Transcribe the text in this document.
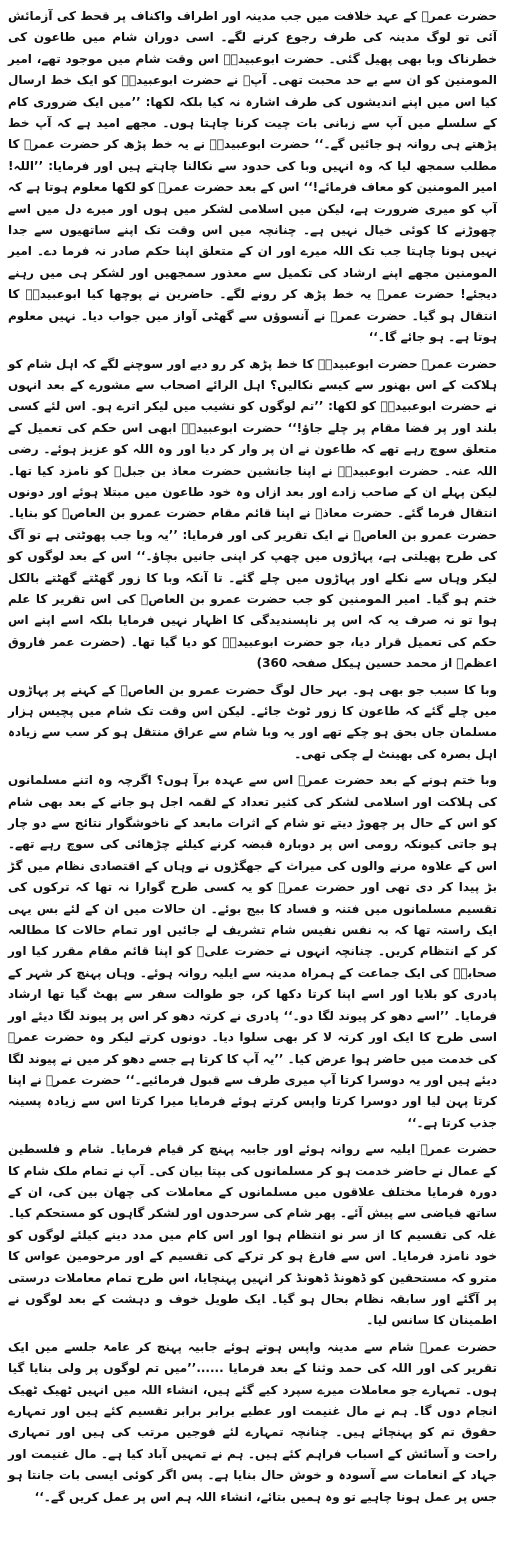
حضرت عمرؓ کے عہد خلافت میں جب مدینہ اور اطراف واکناف پر قحط کی آزمائش آئی تو لوگ مدینہ کی طرف رجوع کرنے لگے۔ اسی دوران شام میں طاعون کی خطرناک وبا بھی پھیل گئی۔ حضرت ابوعبیدہؓ اس وقت شام میں موجود تھے، امیر المومنین کو ان سے بے حد محبت تھی۔ آپؓ نے حضرت ابوعبیدہؓ کو ایک خط ارسال کیا اس میں اپنے اندیشوں کی طرف اشارہ نہ کیا بلکہ لکھا: ’’میں ایک ضروری کام کے سلسلے میں آپ سے زبانی بات چیت کرنا چاہتا ہوں۔ مجھے امید ہے کہ آپ خط پڑھتے ہی روانہ ہو جائیں گے۔‘‘ حضرت ابوعبیدہؓ نے یہ خط پڑھ کر حضرت عمرؓ کا مطلب سمجھ لیا کہ وہ انہیں وبا کی حدود سے نکالنا چاہتے ہیں اور فرمایا: ’’اللہ! امیر المومنین کو معاف فرمائے!‘‘ اس کے بعد حضرت عمرؓ کو لکھا معلوم ہوتا ہے کہ آپ کو میری ضرورت ہے، لیکن میں اسلامی لشکر میں ہوں اور میرے دل میں اسے چھوڑنے کا کوئی خیال نہیں ہے۔ چنانچہ میں اس وقت تک اپنے ساتھیوں سے جدا نہیں ہونا چاہتا جب تک اللہ میرے اور ان کے متعلق اپنا حکم صادر نہ فرما دے۔ امیر المومنین مجھے اپنے ارشاد کی تکمیل سے معذور سمجھیں اور لشکر ہی میں رہنے دیجئے! حضرت عمرؓ یہ خط پڑھ کر رونے لگے۔ حاضرین نے پوچھا کیا ابوعبیدہؓ کا انتقال ہو گیا۔ حضرت عمرؓ نے آنسوؤں سے گھٹی آواز میں جواب دیا۔ نہیں معلوم ہوتا ہے۔ ہو جائے گا۔‘‘

حضرت عمرؓ حضرت ابوعبیدہؓ کا خط پڑھ کر رو دیے اور سوچنے لگے کہ اہل شام کو ہلاکت کے اس بھنور سے کیسے نکالیں؟ اہل الرائے اصحاب سے مشورے کے بعد انہوں نے حضرت ابوعبیدہؓ کو لکھا: ’’تم لوگوں کو نشیب میں لیکر اترے ہو۔ اس لئے کسی بلند اور پر فضا مقام پر چلے جاؤ!‘‘ حضرت ابوعبیدہؓ ابھی اس حکم کی تعمیل کے متعلق سوچ رہے تھے کہ طاعون نے ان پر وار کر دیا اور وہ اللہ کو عزیز ہوئے۔ رضی اللہ عنہ۔ حضرت ابوعبیدہؓ نے اپنا جانشین حضرت معاذ بن جبلؓ کو نامزد کیا تھا۔ لیکن پہلے ان کے صاحب زادے اور بعد ازاں وہ خود طاعون میں مبتلا ہوئے اور دونوں انتقال فرما گئے۔ حضرت معاذؓ نے اپنا قائم مقام حضرت عمرو بن العاصؓ کو بنایا۔ حضرت عمرو بن العاصؓ نے ایک تقریر کی اور فرمایا: ’’یہ وبا جب پھوٹتی ہے تو آگ کی طرح پھیلتی ہے، پہاڑوں میں چھپ کر اپنی جانیں بچاؤ۔‘‘ اس کے بعد لوگوں کو لیکر وہاں سے نکلے اور پہاڑوں میں چلے گئے۔ تا آنکہ وبا کا زور گھٹتے گھٹتے بالکل ختم ہو گیا۔ امیر المومنین کو جب حضرت عمرو بن العاصؓ کی اس تقریر کا علم ہوا تو نہ صرف یہ کہ اس پر ناپسندیدگی کا اظہار نہیں فرمایا بلکہ اسے اپنے اس حکم کی تعمیل قرار دیا، جو حضرت ابوعبیدہؓ کو دیا گیا تھا۔ (حضرت عمر فاروق اعظمؓ از محمد حسین ہیکل صفحہ 360)

وبا کا سبب جو بھی ہو۔ بہر حال لوگ حضرت عمرو بن العاصؓ کے کہنے پر پہاڑوں میں چلے گئے کہ طاعون کا زور ٹوٹ جائے۔ لیکن اس وقت تک شام میں پچیس ہزار مسلمان جاں بحق ہو چکے تھے اور یہ وبا شام سے عراق منتقل ہو کر سب سے زیادہ اہل بصرہ کی بھینٹ لے چکی تھی۔

وبا ختم ہونے کے بعد حضرت عمرؓ اس سے عہدہ برآ ہوں؟ اگرچہ وہ اتنے مسلمانوں کی ہلاکت اور اسلامی لشکر کی کثیر تعداد کے لقمہ اجل ہو جانے کے بعد بھی شام کو اس کے حال پر چھوڑ دیتے تو شام کے اثرات مابعد کے ناخوشگوار نتائج سے دو چار ہو جاتی کیونکہ رومی اس پر دوبارہ قبضہ کرنے کیلئے چڑھائی کی سوچ رہے تھے۔ اس کے علاوہ مرنے والوں کی میراث کے جھگڑوں نے وہاں کے اقتصادی نظام میں گڑ بڑ پیدا کر دی تھی اور حضرت عمرؓ کو یہ کسی طرح گوارا نہ تھا کہ ترکوں کی تقسیم مسلمانوں میں فتنہ و فساد کا بیج بوئے۔ ان حالات میں ان کے لئے بس یہی ایک راستہ تھا کہ بہ نفس نفیس شام تشریف لے جائیں اور تمام حالات کا مطالعہ کر کے انتظام کریں۔ چنانچہ انہوں نے حضرت علیؓ کو اپنا قائم مقام مقرر کیا اور صحابہؓ کی ایک جماعت کے ہمراہ مدینہ سے ایلیہ روانہ ہوئے۔ وہاں پہنچ کر شہر کے پادری کو بلایا اور اسے اپنا کرتا دکھا کر، جو طوالت سفر سے پھٹ گیا تھا ارشاد فرمایا۔ ’’اسے دھو کر پیوند لگا دو۔‘‘ پادری نے کرتہ دھو کر اس پر پیوند لگا دیئے اور اسی طرح کا ایک اور کرتہ لا کر بھی سلوا دیا۔ دونوں کرتے لیکر وہ حضرت عمرؓ کی خدمت میں حاضر ہوا عرض کیا۔ ’’یہ آپ کا کرتا ہے جسے دھو کر میں نے پیوند لگا دیئے ہیں اور یہ دوسرا کرتا آپ میری طرف سے قبول فرمائیے۔‘‘ حضرت عمرؓ نے اپنا کرتا پہن لیا اور دوسرا کرتا واپس کرتے ہوئے فرمایا میرا کرتا اس سے زیادہ پسینہ جذب کرتا ہے۔‘‘

حضرت عمرؓ ایلیہ سے روانہ ہوئے اور جابیہ پہنچ کر قیام فرمایا۔ شام و فلسطین کے عمال نے حاضر خدمت ہو کر مسلمانوں کی بپتا بیان کی۔ آپ نے تمام ملک شام کا دورہ فرمایا مختلف علاقوں میں مسلمانوں کے معاملات کی چھان بین کی، ان کے ساتھ فیاضی سے پیش آئے۔ پھر شام کی سرحدوں اور لشکر گاہوں کو مستحکم کیا۔ غلہ کی تقسیم کا از سر نو انتظام ہوا اور اس کام میں مدد دینے کیلئے لوگوں کو خود نامزد فرمایا۔ اس سے فارغ ہو کر ترکے کی تقسیم کے اور مرحومین عواس کا مترو کہ مستحقین کو ڈھونڈ ڈھونڈ کر انہیں پہنچایا، اس طرح تمام معاملات درستی پر آگئے اور سابقہ نظام بحال ہو گیا۔ ایک طویل خوف و دہشت کے بعد لوگوں نے اطمینان کا سانس لیا۔

حضرت عمرؓ شام سے مدینہ واپس ہوتے ہوئے جابیہ پہنچ کر عامۃ جلسے میں ایک تقریر کی اور اللہ کی حمد وثنا کے بعد فرمایا ......’’میں تم لوگوں پر ولی بنایا گیا ہوں۔ تمہارے جو معاملات میرے سپرد کیے گئے ہیں، انشاء اللہ میں انہیں ٹھیک ٹھیک انجام دوں گا۔ ہم نے مال غنیمت اور عطیے برابر برابر تقسیم کئے ہیں اور تمہارے حقوق تم کو پہنچائے ہیں۔ چنانچہ تمہارے لئے فوجیں مرتب کی ہیں اور تمہاری راحت و آسائش کے اسباب فراہم کئے ہیں۔ ہم نے تمہیں آباد کیا ہے۔ مال غنیمت اور جہاد کے انعامات سے آسودہ و خوش حال بنایا ہے۔ پس اگر کوئی ایسی بات جانتا ہو جس پر عمل ہونا چاہیے تو وہ ہمیں بتائے، انشاء اللہ ہم اس پر عمل کریں گے۔‘‘
